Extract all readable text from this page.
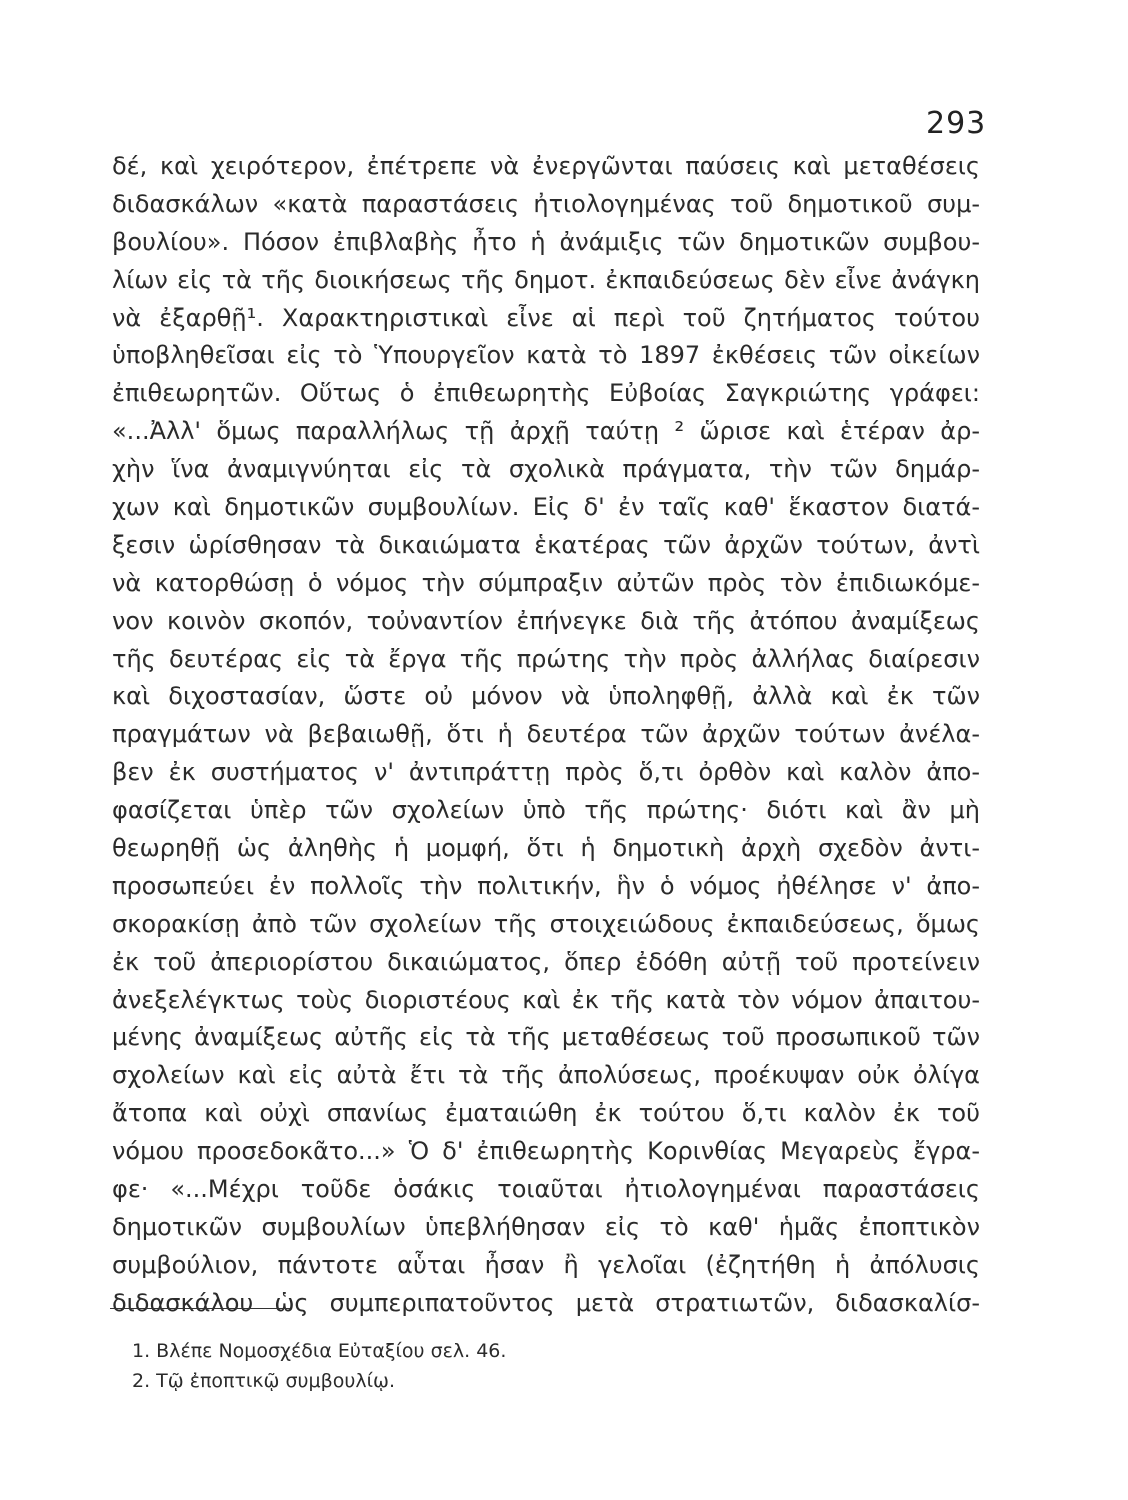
293
δέ, καὶ χειρότερον, ἐπέτρεπε νὰ ἐνεργῶνται παύσεις καὶ μεταθέσεις
διδασκάλων «κατὰ παραστάσεις ἠτιολογημένας τοῦ δημοτικοῦ συμ-
βουλίου». Πόσον ἐπιβλαβὴς ἦτο ἡ ἀνάμιξις τῶν δημοτικῶν συμβου-
λίων εἰς τὰ τῆς διοικήσεως τῆς δημοτ. ἐκπαιδεύσεως δὲν εἶνε ἀνάγκη
νὰ ἐξαρθῇ¹. Χαρακτηριστικαὶ εἶνε αἱ περὶ τοῦ ζητήματος τούτου
ὑποβληθεῖσαι εἰς τὸ Ὑπουργεῖον κατὰ τὸ 1897 ἐκθέσεις τῶν οἰκείων
ἐπιθεωρητῶν. Οὕτως ὁ ἐπιθεωρητὴς Εὐβοίας Σαγκριώτης γράφει:
«...Ἀλλ' ὅμως παραλλήλως τῇ ἀρχῇ ταύτῃ ² ὥρισε καὶ ἑτέραν ἀρ-
χὴν ἵνα ἀναμιγνύηται εἰς τὰ σχολικὰ πράγματα, τὴν τῶν δημάρ-
χων καὶ δημοτικῶν συμβουλίων. Εἰς δ' ἐν ταῖς καθ' ἕκαστον διατά-
ξεσιν ὡρίσθησαν τὰ δικαιώματα ἑκατέρας τῶν ἀρχῶν τούτων, ἀντὶ
νὰ κατορθώσῃ ὁ νόμος τὴν σύμπραξιν αὐτῶν πρὸς τὸν ἐπιδιωκόμε-
νον κοινὸν σκοπόν, τοὐναντίον ἐπήνεγκε διὰ τῆς ἀτόπου ἀναμίξεως
τῆς δευτέρας εἰς τὰ ἔργα τῆς πρώτης τὴν πρὸς ἀλλήλας διαίρεσιν
καὶ διχοστασίαν, ὥστε οὐ μόνον νὰ ὑποληφθῇ, ἀλλὰ καὶ ἐκ τῶν
πραγμάτων νὰ βεβαιωθῇ, ὅτι ἡ δευτέρα τῶν ἀρχῶν τούτων ἀνέλα-
βεν ἐκ συστήματος ν' ἀντιπράττῃ πρὸς ὅ,τι ὀρθὸν καὶ καλὸν ἀπο-
φασίζεται ὑπὲρ τῶν σχολείων ὑπὸ τῆς πρώτης· διότι καὶ ἂν μὴ
θεωρηθῇ ὡς ἀληθὴς ἡ μομφή, ὅτι ἡ δημοτικὴ ἀρχὴ σχεδὸν ἀντι-
προσωπεύει ἐν πολλοῖς τὴν πολιτικήν, ἣν ὁ νόμος ἠθέλησε ν' ἀπο-
σκορακίσῃ ἀπὸ τῶν σχολείων τῆς στοιχειώδους ἐκπαιδεύσεως, ὅμως
ἐκ τοῦ ἀπεριορίστου δικαιώματος, ὅπερ ἐδόθη αὐτῇ τοῦ προτείνειν
ἀνεξελέγκτως τοὺς διοριστέους καὶ ἐκ τῆς κατὰ τὸν νόμον ἀπαιτου-
μένης ἀναμίξεως αὐτῆς εἰς τὰ τῆς μεταθέσεως τοῦ προσωπικοῦ τῶν
σχολείων καὶ εἰς αὐτὰ ἔτι τὰ τῆς ἀπολύσεως, προέκυψαν οὐκ ὀλίγα
ἄτοπα καὶ οὐχὶ σπανίως ἐματαιώθη ἐκ τούτου ὅ,τι καλὸν ἐκ τοῦ
νόμου προσεδοκᾶτο...» Ὁ δ' ἐπιθεωρητὴς Κορινθίας Μεγαρεὺς ἔγρα-
φε· «...Μέχρι τοῦδε ὁσάκις τοιαῦται ἠτιολογημέναι παραστάσεις
δημοτικῶν συμβουλίων ὑπεβλήθησαν εἰς τὸ καθ' ἡμᾶς ἐποπτικὸν
συμβούλιον, πάντοτε αὗται ἦσαν ἢ γελοῖαι (ἐζητήθη ἡ ἀπόλυσις
διδασκάλου ὡς συμπεριπατοῦντος μετὰ στρατιωτῶν, διδασκαλίσ-
1. Βλέπε Νομοσχέδια Εὐταξίου σελ. 46.
2. Τῷ ἐποπτικῷ συμβουλίῳ.
